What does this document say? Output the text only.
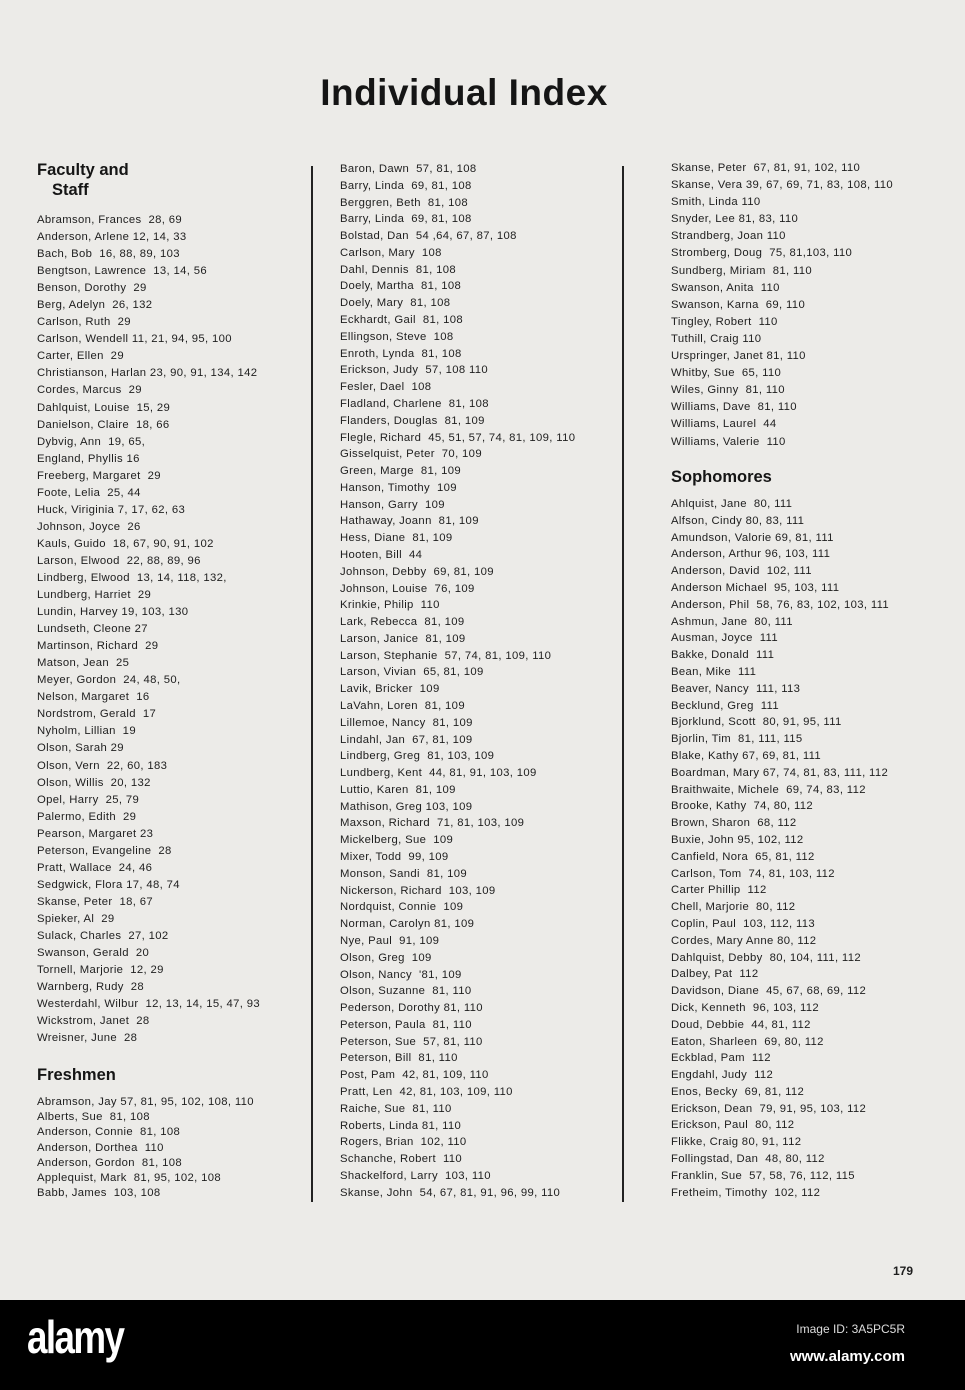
Individual Index
Faculty and
Staff
Abramson, Frances  28, 69
Anderson, Arlene 12, 14, 33
Bach, Bob  16, 88, 89, 103
Bengtson, Lawrence  13, 14, 56
Benson, Dorothy  29
Berg, Adelyn  26, 132
Carlson, Ruth  29
Carlson, Wendell 11, 21, 94, 95, 100
Carter, Ellen  29
Christianson, Harlan 23, 90, 91, 134, 142
Cordes, Marcus  29
Dahlquist, Louise  15, 29
Danielson, Claire  18, 66
Dybvig, Ann  19, 65,
England, Phyllis 16
Freeberg, Margaret  29
Foote, Lelia  25, 44
Huck, Viriginia 7, 17, 62, 63
Johnson, Joyce  26
Kauls, Guido  18, 67, 90, 91, 102
Larson, Elwood  22, 88, 89, 96
Lindberg, Elwood  13, 14, 118, 132,
Lundberg, Harriet  29
Lundin, Harvey 19, 103, 130
Lundseth, Cleone 27
Martinson, Richard  29
Matson, Jean  25
Meyer, Gordon  24, 48, 50,
Nelson, Margaret  16
Nordstrom, Gerald  17
Nyholm, Lillian  19
Olson, Sarah 29
Olson, Vern  22, 60, 183
Olson, Willis  20, 132
Opel, Harry  25, 79
Palermo, Edith  29
Pearson, Margaret 23
Peterson, Evangeline  28
Pratt, Wallace  24, 46
Sedgwick, Flora 17, 48, 74
Skanse, Peter  18, 67
Spieker, Al  29
Sulack, Charles  27, 102
Swanson, Gerald  20
Tornell, Marjorie  12, 29
Warnberg, Rudy  28
Westerdahl, Wilbur  12, 13, 14, 15, 47, 93
Wickstrom, Janet  28
Wreisner, June  28
Freshmen
Abramson, Jay 57, 81, 95, 102, 108, 110
Alberts, Sue  81, 108
Anderson, Connie  81, 108
Anderson, Dorthea  110
Anderson, Gordon  81, 108
Applequist, Mark  81, 95, 102, 108
Babb, James  103, 108
Baron, Dawn  57, 81, 108
Barry, Linda  69, 81, 108
Berggren, Beth  81, 108
Barry, Linda  69, 81, 108
Bolstad, Dan  54 ,64, 67, 87, 108
Carlson, Mary  108
Dahl, Dennis  81, 108
Doely, Martha  81, 108
Doely, Mary  81, 108
Eckhardt, Gail  81, 108
Ellingson, Steve  108
Enroth, Lynda  81, 108
Erickson, Judy  57, 108 110
Fesler, Dael  108
Fladland, Charlene  81, 108
Flanders, Douglas  81, 109
Flegle, Richard  45, 51, 57, 74, 81, 109, 110
Gisselquist, Peter  70, 109
Green, Marge  81, 109
Hanson, Timothy  109
Hanson, Garry  109
Hathaway, Joann  81, 109
Hess, Diane  81, 109
Hooten, Bill  44
Johnson, Debby  69, 81, 109
Johnson, Louise  76, 109
Krinkie, Philip  110
Lark, Rebecca  81, 109
Larson, Janice  81, 109
Larson, Stephanie  57, 74, 81, 109, 110
Larson, Vivian  65, 81, 109
Lavik, Bricker  109
LaVahn, Loren  81, 109
Lillemoe, Nancy  81, 109
Lindahl, Jan  67, 81, 109
Lindberg, Greg  81, 103, 109
Lundberg, Kent  44, 81, 91, 103, 109
Luttio, Karen  81, 109
Mathison, Greg 103, 109
Maxson, Richard  71, 81, 103, 109
Mickelberg, Sue  109
Mixer, Todd  99, 109
Monson, Sandi  81, 109
Nickerson, Richard  103, 109
Nordquist, Connie  109
Norman, Carolyn 81, 109
Nye, Paul  91, 109
Olson, Greg  109
Olson, Nancy  '81, 109
Olson, Suzanne  81, 110
Pederson, Dorothy 81, 110
Peterson, Paula  81, 110
Peterson, Sue  57, 81, 110
Peterson, Bill  81, 110
Post, Pam  42, 81, 109, 110
Pratt, Len  42, 81, 103, 109, 110
Raiche, Sue  81, 110
Roberts, Linda 81, 110
Rogers, Brian  102, 110
Schanche, Robert  110
Shackelford, Larry  103, 110
Skanse, John  54, 67, 81, 91, 96, 99, 110
Skanse, Peter  67, 81, 91, 102, 110
Skanse, Vera 39, 67, 69, 71, 83, 108, 110
Smith, Linda 110
Snyder, Lee 81, 83, 110
Strandberg, Joan 110
Stromberg, Doug  75, 81,103, 110
Sundberg, Miriam  81, 110
Swanson, Anita  110
Swanson, Karna  69, 110
Tingley, Robert  110
Tuthill, Craig 110
Urspringer, Janet 81, 110
Whitby, Sue  65, 110
Wiles, Ginny  81, 110
Williams, Dave  81, 110
Williams, Laurel  44
Williams, Valerie  110
Sophomores
Ahlquist, Jane  80, 111
Alfson, Cindy 80, 83, 111
Amundson, Valorie 69, 81, 111
Anderson, Arthur 96, 103, 111
Anderson, David  102, 111
Anderson Michael  95, 103, 111
Anderson, Phil  58, 76, 83, 102, 103, 111
Ashmun, Jane  80, 111
Ausman, Joyce  111
Bakke, Donald  111
Bean, Mike  111
Beaver, Nancy  111, 113
Becklund, Greg  111
Bjorklund, Scott  80, 91, 95, 111
Bjorlin, Tim  81, 111, 115
Blake, Kathy 67, 69, 81, 111
Boardman, Mary 67, 74, 81, 83, 111, 112
Braithwaite, Michele  69, 74, 83, 112
Brooke, Kathy  74, 80, 112
Brown, Sharon  68, 112
Buxie, John 95, 102, 112
Canfield, Nora  65, 81, 112
Carlson, Tom  74, 81, 103, 112
Carter Phillip  112
Chell, Marjorie  80, 112
Coplin, Paul  103, 112, 113
Cordes, Mary Anne 80, 112
Dahlquist, Debby  80, 104, 111, 112
Dalbey, Pat  112
Davidson, Diane  45, 67, 68, 69, 112
Dick, Kenneth  96, 103, 112
Doud, Debbie  44, 81, 112
Eaton, Sharleen  69, 80, 112
Eckblad, Pam  112
Engdahl, Judy  112
Enos, Becky  69, 81, 112
Erickson, Dean  79, 91, 95, 103, 112
Erickson, Paul  80, 112
Flikke, Craig 80, 91, 112
Follingstad, Dan  48, 80, 112
Franklin, Sue  57, 58, 76, 112, 115
Fretheim, Timothy  102, 112
179
alamy	Image ID: 3A5PC5R
www.alamy.com
